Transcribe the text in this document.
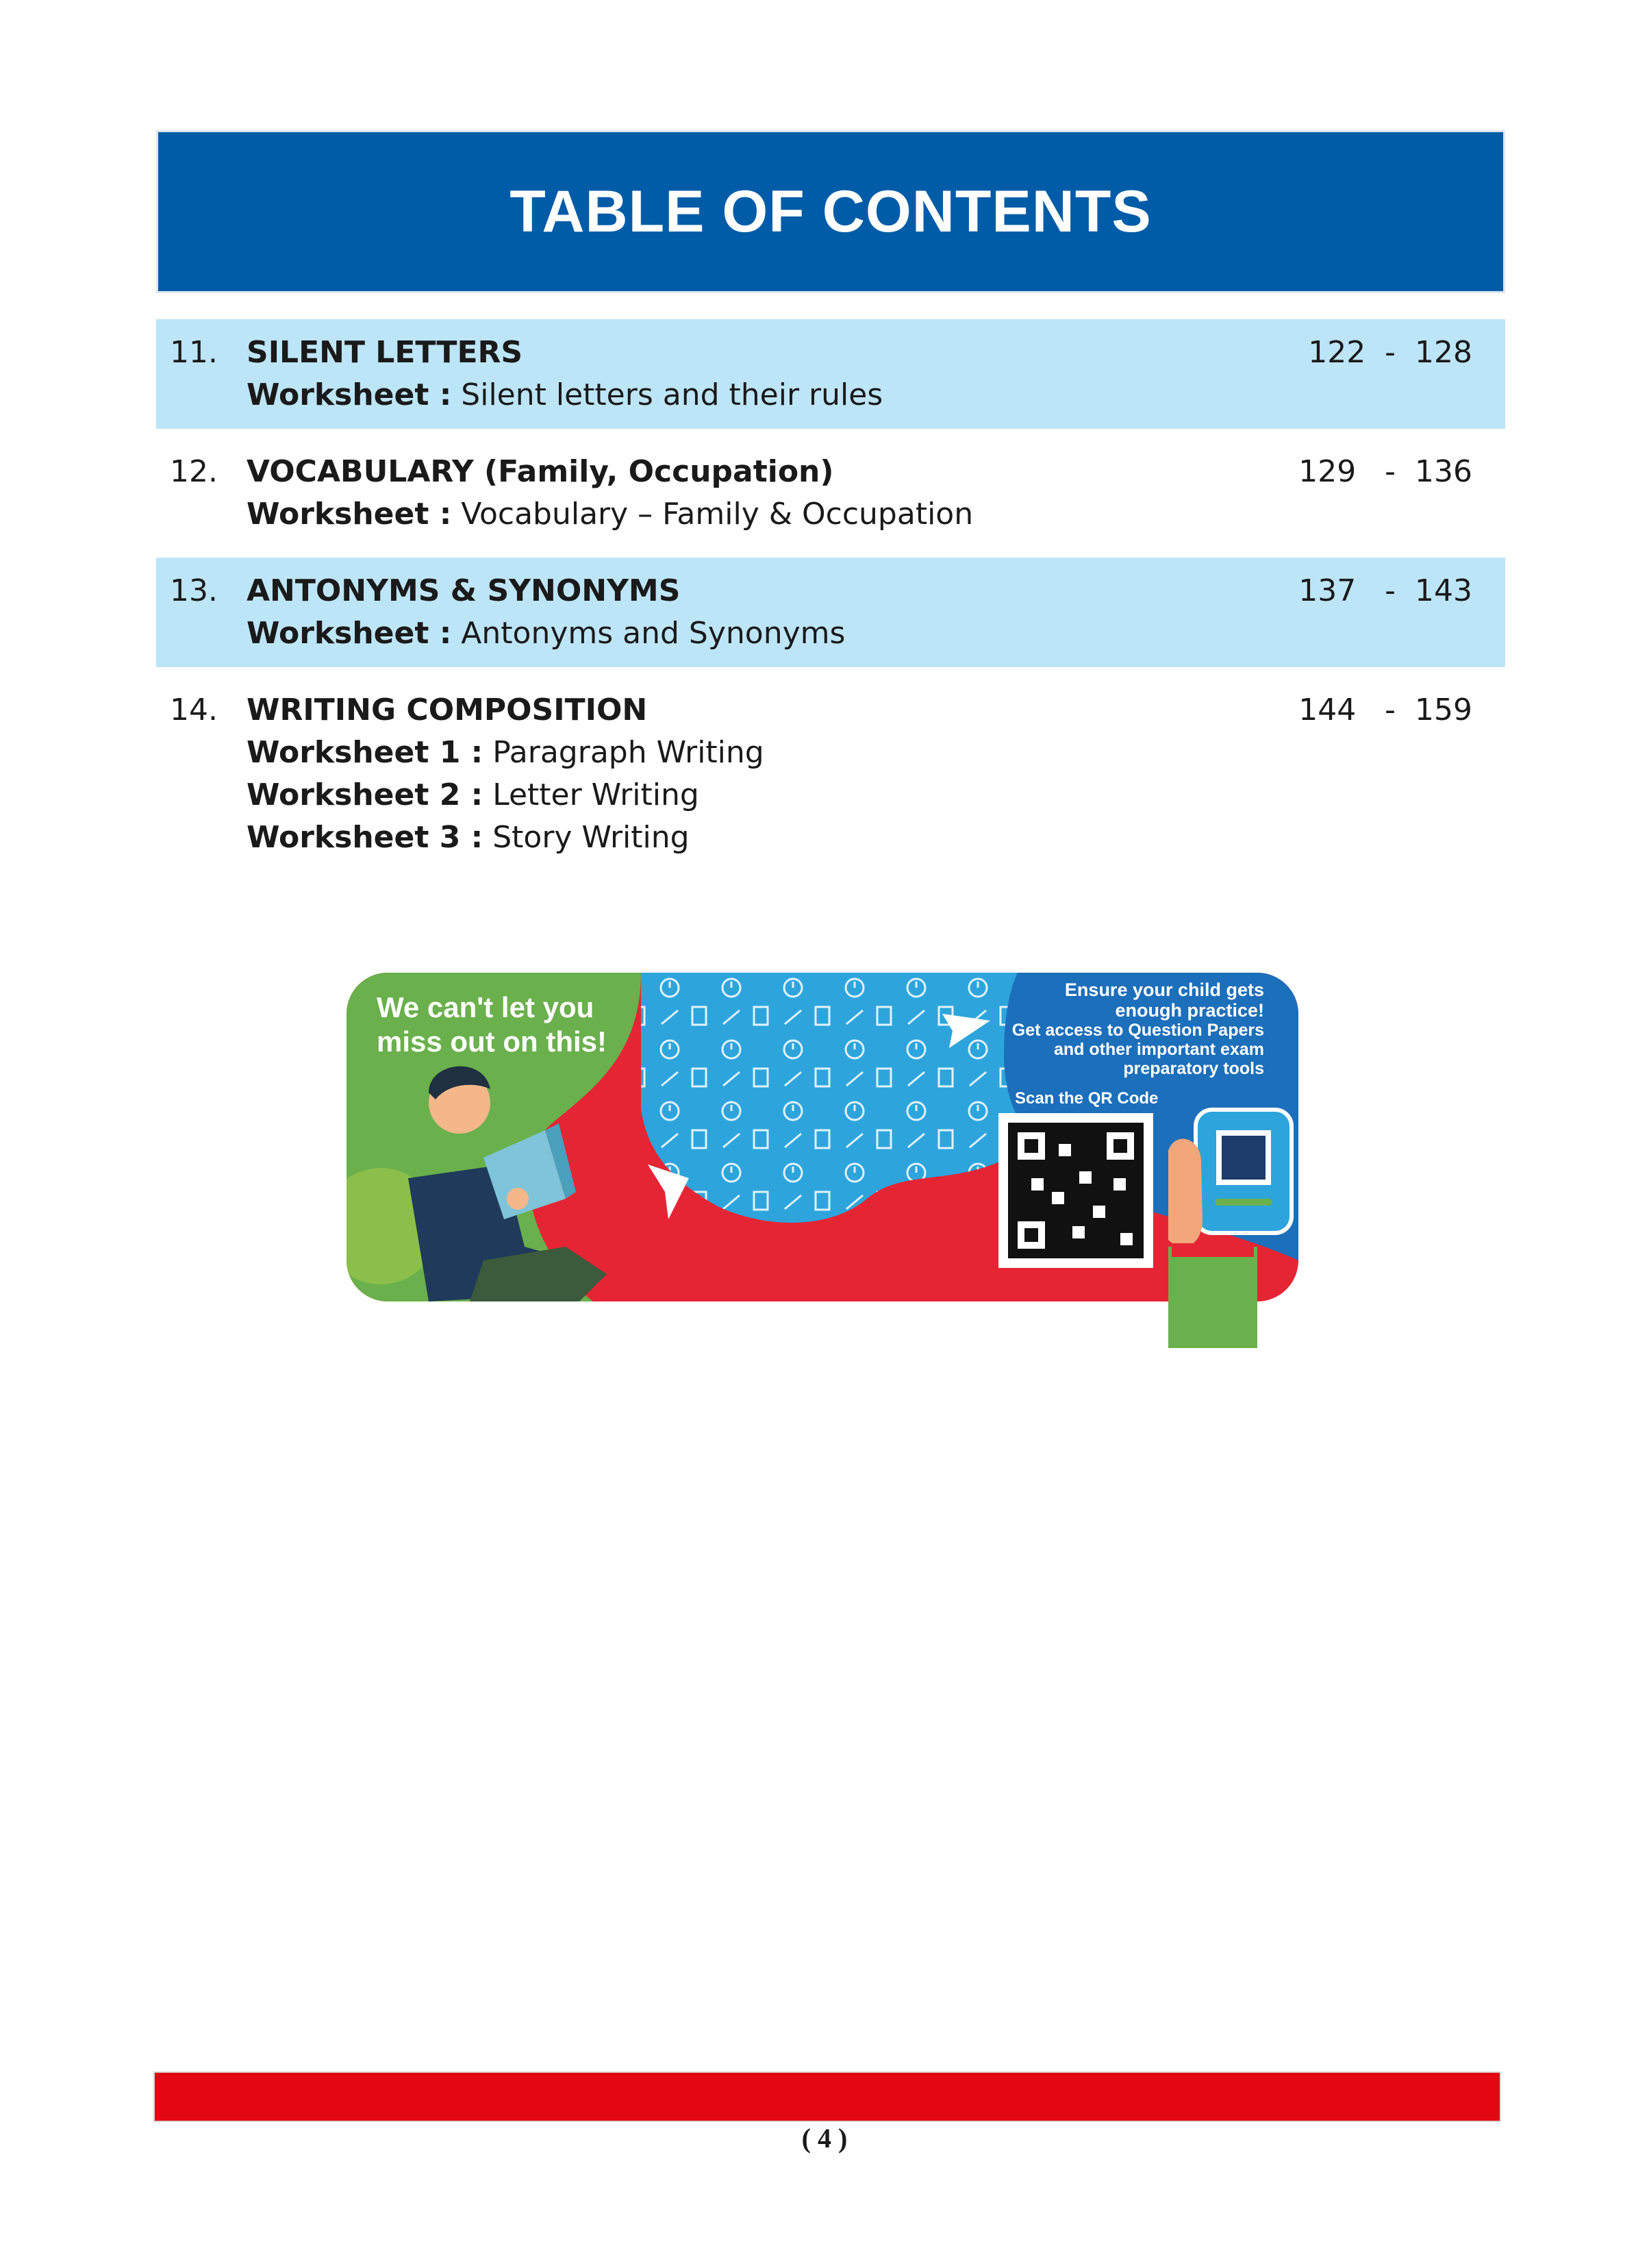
TABLE OF CONTENTS
11. SILENT LETTERS
Worksheet : Silent letters and their rules
122  -  128
12. VOCABULARY (Family, Occupation)
Worksheet : Vocabulary – Family & Occupation
129   -  136
13. ANTONYMS & SYNONYMS
Worksheet : Antonyms and Synonyms
137   -  143
14. WRITING COMPOSITION
Worksheet 1 : Paragraph Writing
Worksheet 2 : Letter Writing
Worksheet 3 : Story Writing
144   -  159
We can't let you miss out on this!
Ensure your child gets
enough practice!
Get access to Question Papers
and other important exam
preparatory tools
Scan the QR Code
( 4 )
